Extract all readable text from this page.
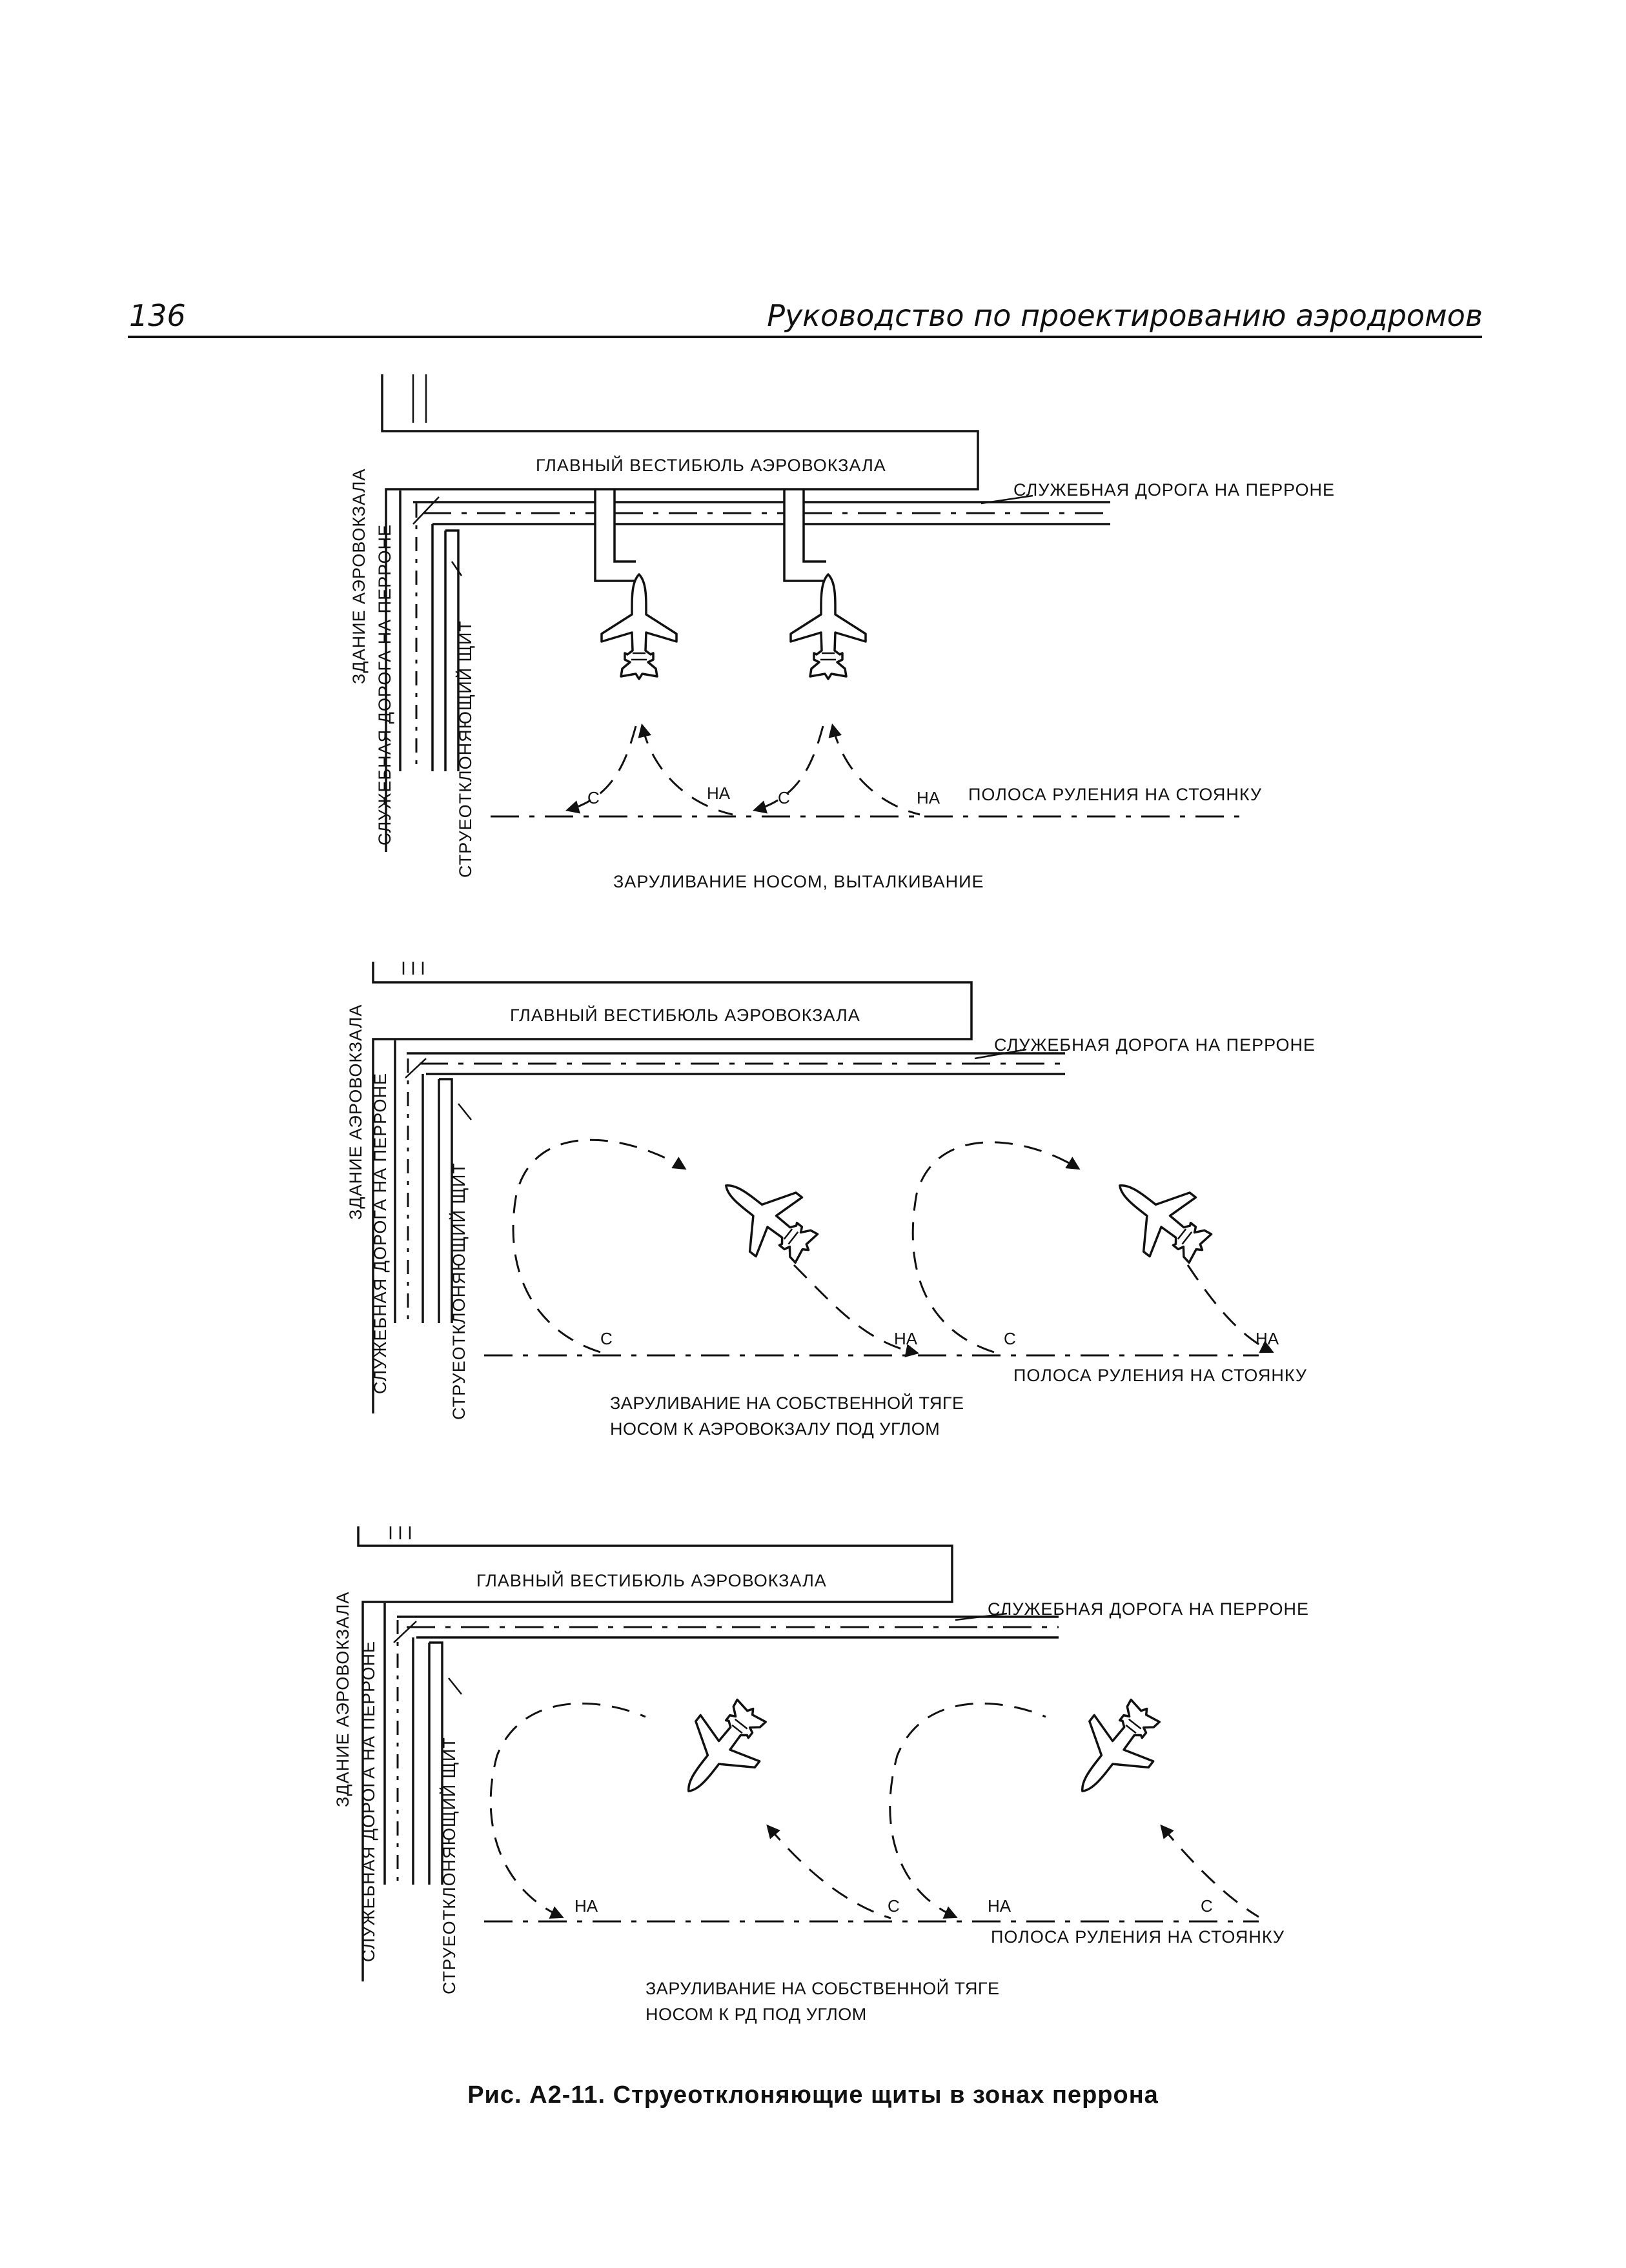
136	Руководство по проектированию аэродромов
ГЛАВНЫЙ ВЕСТИБЮЛЬ АЭРОВОКЗАЛА
СЛУЖЕБНАЯ ДОРОГА НА ПЕРРОНЕ
ПОЛОСА РУЛЕНИЯ НА СТОЯНКУ
ЗАРУЛИВАНИЕ НОСОМ, ВЫТАЛКИВАНИЕ
С	НА	С	НА
ЗДАНИЕ АЭРОВОКЗАЛА СЛУЖЕБНАЯ ДОРОГА НА ПЕРРОНЕ	СТРУЕОТКЛОНЯЮЩИЙ ЩИТ
ГЛАВНЫЙ ВЕСТИБЮЛЬ АЭРОВОКЗАЛА
СЛУЖЕБНАЯ ДОРОГА НА ПЕРРОНЕ
ПОЛОСА РУЛЕНИЯ НА СТОЯНКУ
ЗАРУЛИВАНИЕ НА СОБСТВЕННОЙ ТЯГЕ
НОСОМ К АЭРОВОКЗАЛУ ПОД УГЛОМ
С	НА	С	НА
ЗДАНИЕ АЭРОВОКЗАЛА СЛУЖЕБНАЯ ДОРОГА НА ПЕРРОНЕ	СТРУЕОТКЛОНЯЮЩИЙ ЩИТ
ГЛАВНЫЙ ВЕСТИБЮЛЬ АЭРОВОКЗАЛА
СЛУЖЕБНАЯ ДОРОГА НА ПЕРРОНЕ
ПОЛОСА РУЛЕНИЯ НА СТОЯНКУ
ЗАРУЛИВАНИЕ НА СОБСТВЕННОЙ ТЯГЕ
НОСОМ К РД ПОД УГЛОМ
НА	С	НА	С
ЗДАНИЕ АЭРОВОКЗАЛА СЛУЖЕБНАЯ ДОРОГА НА ПЕРРОНЕ	СТРУЕОТКЛОНЯЮЩИЙ ЩИТ
Рис. А2-11. Струеотклоняющие щиты в зонах перрона
